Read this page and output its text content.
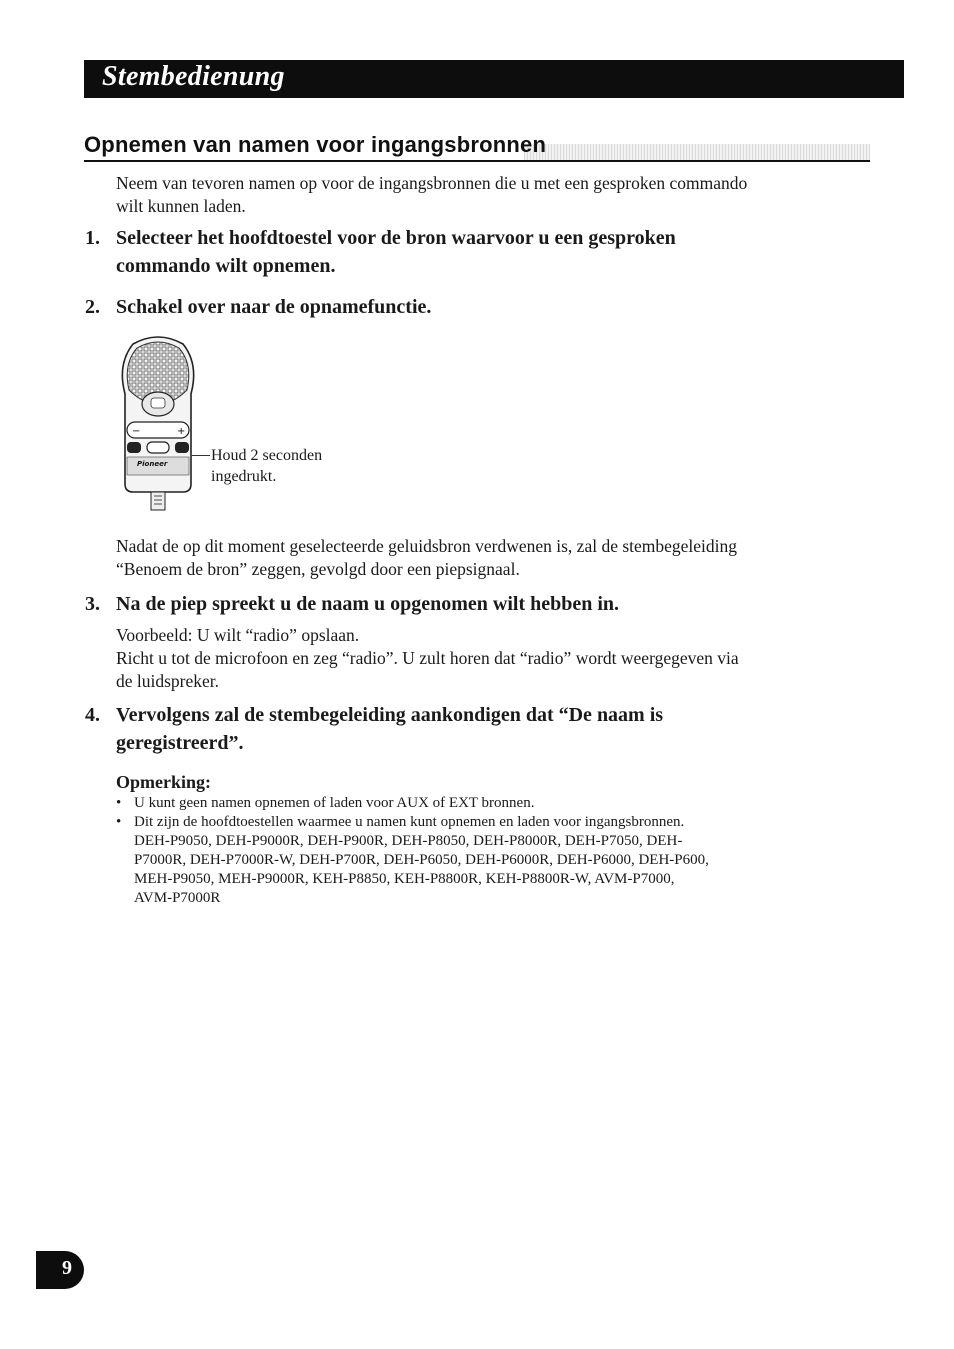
Stembedienung
Opnemen van namen voor ingangsbronnen
Neem van tevoren namen op voor de ingangsbronnen die u met een gesproken commando
wilt kunnen laden.
1. Selecteer het hoofdtoestel voor de bron waarvoor u een gesproken
commando wilt opnemen.
2. Schakel over naar de opnamefunctie.
−	+
Pioneer	Houd 2 seconden
ingedrukt.
Nadat de op dit moment geselecteerde geluidsbron verdwenen is, zal de stembegeleiding
“Benoem de bron” zeggen, gevolgd door een piepsignaal.
3. Na de piep spreekt u de naam u opgenomen wilt hebben in.
Voorbeeld: U wilt “radio” opslaan.
Richt u tot de microfoon en zeg “radio”. U zult horen dat “radio” wordt weergegeven via
de luidspreker.
4. Vervolgens zal de stembegeleiding aankondigen dat “De naam is
geregistreerd”.
Opmerking:
• U kunt geen namen opnemen of laden voor AUX of EXT bronnen.
• Dit zijn de hoofdtoestellen waarmee u namen kunt opnemen en laden voor ingangsbronnen.
DEH-P9050, DEH-P9000R, DEH-P900R, DEH-P8050, DEH-P8000R, DEH-P7050, DEH-
P7000R, DEH-P7000R-W, DEH-P700R, DEH-P6050, DEH-P6000R, DEH-P6000, DEH-P600,
MEH-P9050, MEH-P9000R, KEH-P8850, KEH-P8800R, KEH-P8800R-W, AVM-P7000,
AVM-P7000R
9
